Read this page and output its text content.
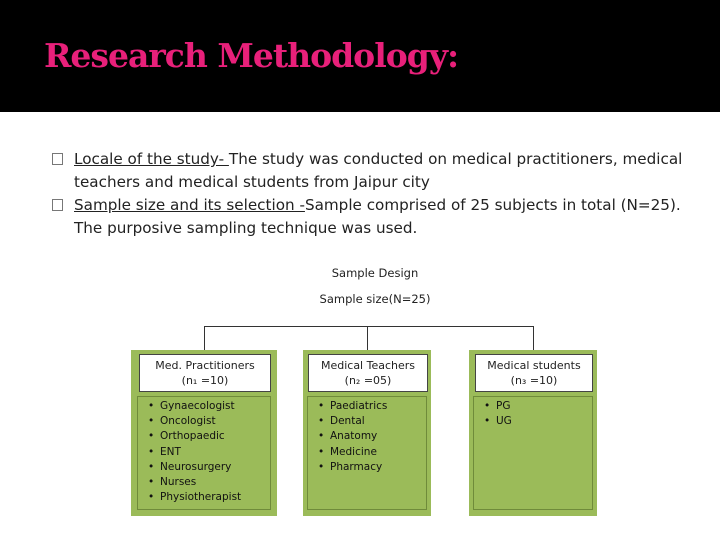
Research Methodology:
Locale of the study- The study was conducted on medical practitioners, medical teachers and medical students from Jaipur city
Sample size and its selection -Sample comprised of 25 subjects in total (N=25). The purposive sampling technique was used.
Sample Design
Sample size(N=25)
Med. Practitioners
(n₁ =10)
Medical Teachers
(n₂ =05)
Medical students
(n₃ =10)
• Gynaecologist
• Oncologist
• Orthopaedic
• ENT
• Neurosurgery
• Nurses
• Physiotherapist
• Paediatrics
• Dental
• Anatomy
• Medicine
• Pharmacy
• PG
• UG
